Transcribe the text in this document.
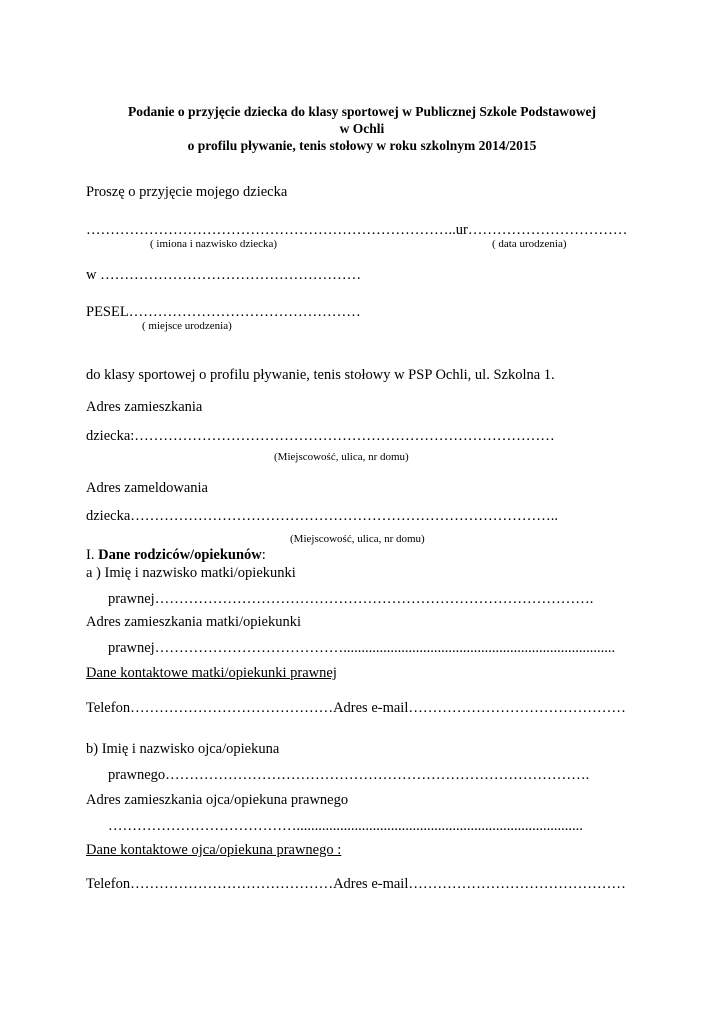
Podanie o przyjęcie dziecka do klasy sportowej w Publicznej Szkole Podstawowej
w Ochli
o profilu pływanie, tenis stołowy w roku szkolnym 2014/2015
Proszę o przyjęcie mojego dziecka
…………………………………………………………………..ur……………………………
( imiona i nazwisko dziecka)	( data urodzenia)
w ………………………………………………
PESEL…………………………………………
( miejsce urodzenia)
do klasy sportowej o profilu pływanie, tenis stołowy w PSP Ochli, ul. Szkolna 1.
Adres zamieszkania
dziecka:……………………………………………………………………………
(Miejscowość, ulica, nr domu)
Adres zameldowania
dziecka……………………………………………………………………………..
(Miejscowość, ulica, nr domu)
I. Dane rodziców/opiekunów:
a ) Imię i nazwisko matki/opiekunki
prawnej……………………………………………………………………………….
Adres zamieszkania matki/opiekunki
prawnej…………………………………...........................................................................
Dane kontaktowe matki/opiekunki prawnej
Telefon……………………………………Adres e-mail………………………………………
b) Imię i nazwisko ojca/opiekuna
prawnego…………………………………………………………………………….
Adres zamieszkania ojca/opiekuna prawnego
…………………………………...............................................................................
Dane kontaktowe ojca/opiekuna prawnego :
Telefon……………………………………Adres e-mail………………………………………
